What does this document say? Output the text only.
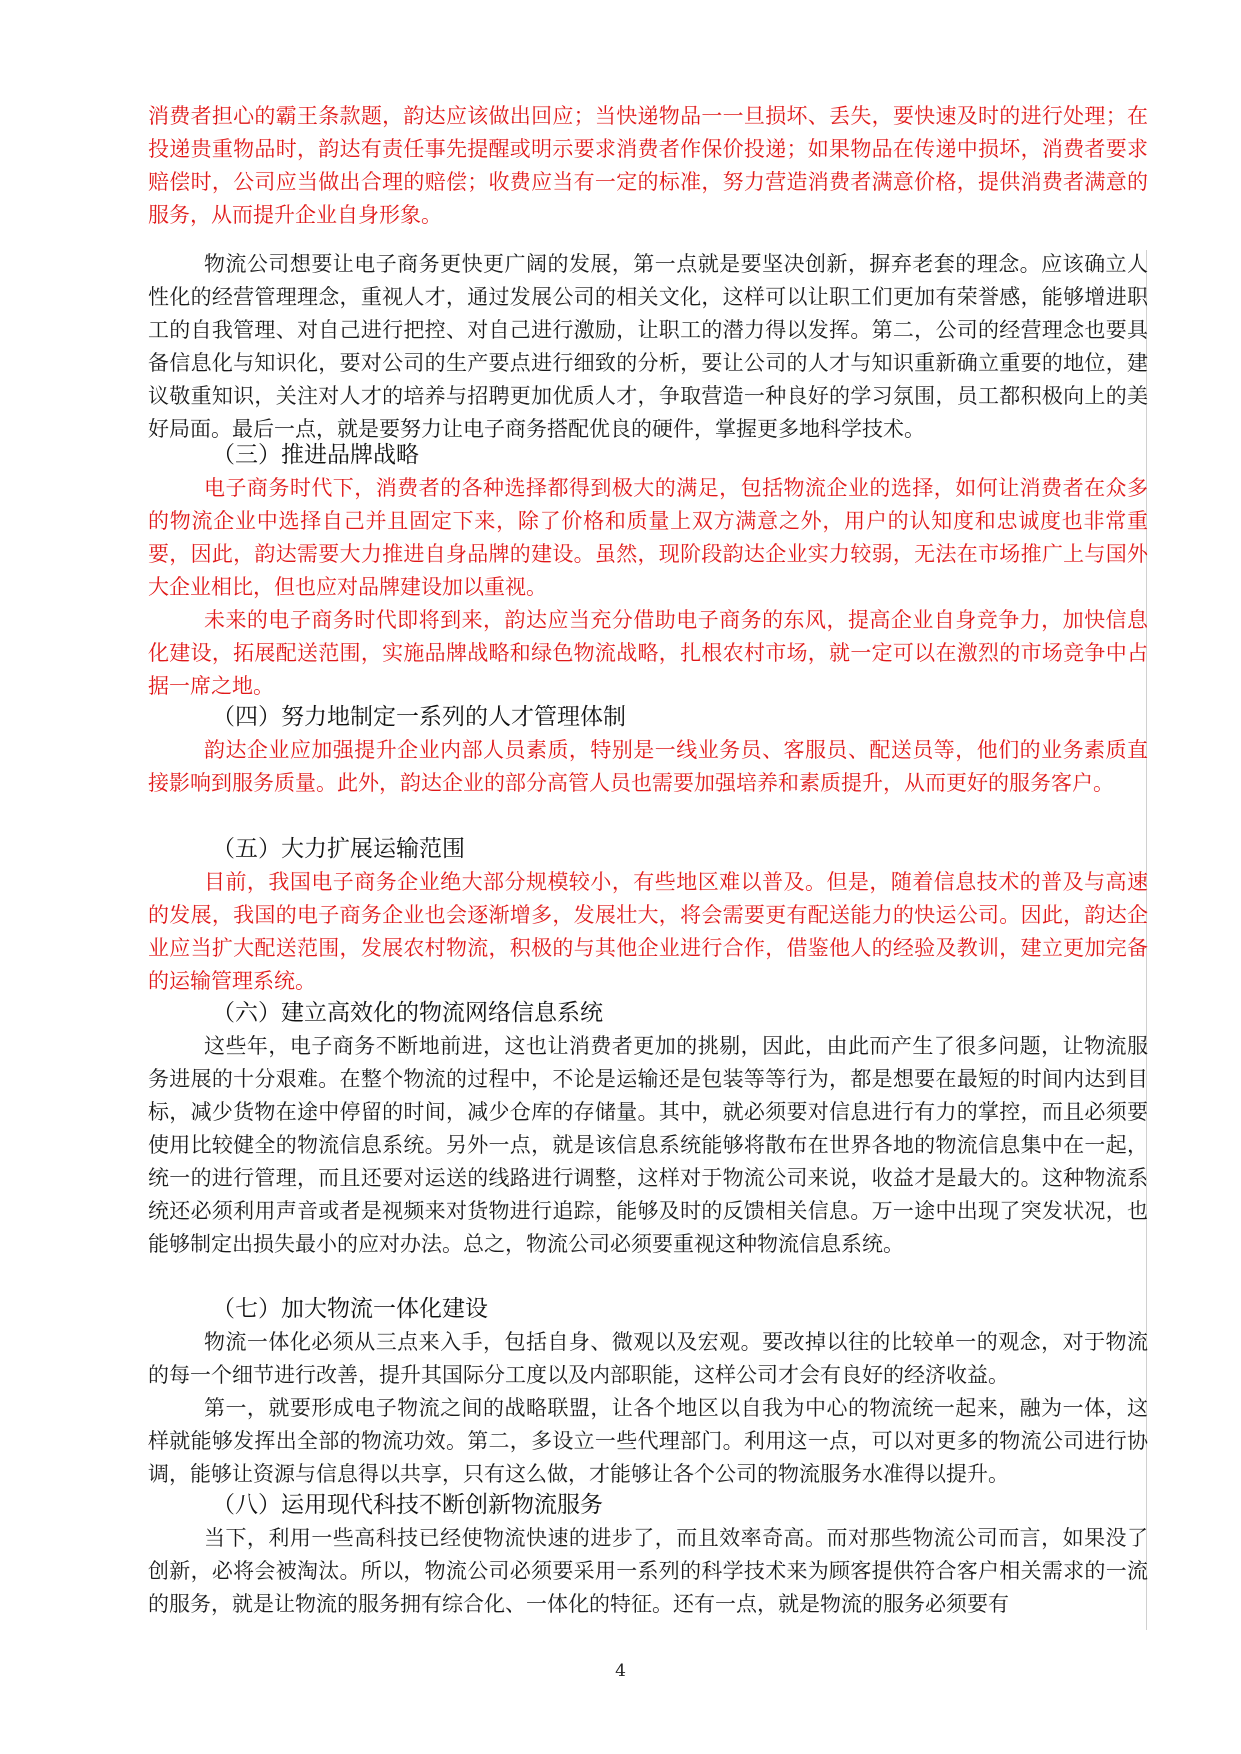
消费者担心的霸王条款题，韵达应该做出回应；当快递物品一一旦损坏、丢失，要快速及时的进行处理；在投递贵重物品时，韵达有责任事先提醒或明示要求消费者作保价投递；如果物品在传递中损坏，消费者要求赔偿时，公司应当做出合理的赔偿；收费应当有一定的标准，努力营造消费者满意价格，提供消费者满意的服务，从而提升企业自身形象。

物流公司想要让电子商务更快更广阔的发展，第一点就是要坚决创新，摒弃老套的理念。应该确立人性化的经营管理理念，重视人才，通过发展公司的相关文化，这样可以让职工们更加有荣誉感，能够增进职工的自我管理、对自己进行把控、对自己进行激励，让职工的潜力得以发挥。第二，公司的经营理念也要具备信息化与知识化，要对公司的生产要点进行细致的分析，要让公司的人才与知识重新确立重要的地位，建议敬重知识，关注对人才的培养与招聘更加优质人才，争取营造一种良好的学习氛围，员工都积极向上的美好局面。最后一点，就是要努力让电子商务搭配优良的硬件，掌握更多地科学技术。

（三）推进品牌战略

电子商务时代下，消费者的各种选择都得到极大的满足，包括物流企业的选择，如何让消费者在众多的物流企业中选择自己并且固定下来，除了价格和质量上双方满意之外，用户的认知度和忠诚度也非常重要，因此，韵达需要大力推进自身品牌的建设。虽然，现阶段韵达企业实力较弱，无法在市场推广上与国外大企业相比，但也应对品牌建设加以重视。

未来的电子商务时代即将到来，韵达应当充分借助电子商务的东风，提高企业自身竞争力，加快信息化建设，拓展配送范围，实施品牌战略和绿色物流战略，扎根农村市场，就一定可以在激烈的市场竞争中占据一席之地。

（四）努力地制定一系列的人才管理体制

韵达企业应加强提升企业内部人员素质，特别是一线业务员、客服员、配送员等，他们的业务素质直接影响到服务质量。此外，韵达企业的部分高管人员也需要加强培养和素质提升，从而更好的服务客户。

（五）大力扩展运输范围

目前，我国电子商务企业绝大部分规模较小，有些地区难以普及。但是，随着信息技术的普及与高速的发展，我国的电子商务企业也会逐渐增多，发展壮大，将会需要更有配送能力的快运公司。因此，韵达企业应当扩大配送范围，发展农村物流，积极的与其他企业进行合作，借鉴他人的经验及教训，建立更加完备的运输管理系统。

（六）建立高效化的物流网络信息系统

这些年，电子商务不断地前进，这也让消费者更加的挑剔，因此，由此而产生了很多问题，让物流服务进展的十分艰难。在整个物流的过程中，不论是运输还是包装等等行为，都是想要在最短的时间内达到目标，减少货物在途中停留的时间，减少仓库的存储量。其中，就必须要对信息进行有力的掌控，而且必须要使用比较健全的物流信息系统。另外一点，就是该信息系统能够将散布在世界各地的物流信息集中在一起，统一的进行管理，而且还要对运送的线路进行调整，这样对于物流公司来说，收益才是最大的。这种物流系统还必须利用声音或者是视频来对货物进行追踪，能够及时的反馈相关信息。万一途中出现了突发状况，也能够制定出损失最小的应对办法。总之，物流公司必须要重视这种物流信息系统。

（七）加大物流一体化建设

物流一体化必须从三点来入手，包括自身、微观以及宏观。要改掉以往的比较单一的观念，对于物流的每一个细节进行改善，提升其国际分工度以及内部职能，这样公司才会有良好的经济收益。

第一，就要形成电子物流之间的战略联盟，让各个地区以自我为中心的物流统一起来，融为一体，这样就能够发挥出全部的物流功效。第二，多设立一些代理部门。利用这一点，可以对更多的物流公司进行协调，能够让资源与信息得以共享，只有这么做，才能够让各个公司的物流服务水准得以提升。

（八）运用现代科技不断创新物流服务

当下，利用一些高科技已经使物流快速的进步了，而且效率奇高。而对那些物流公司而言，如果没了创新，必将会被淘汰。所以，物流公司必须要采用一系列的科学技术来为顾客提供符合客户相关需求的一流的服务，就是让物流的服务拥有综合化、一体化的特征。还有一点，就是物流的服务必须要有

4
